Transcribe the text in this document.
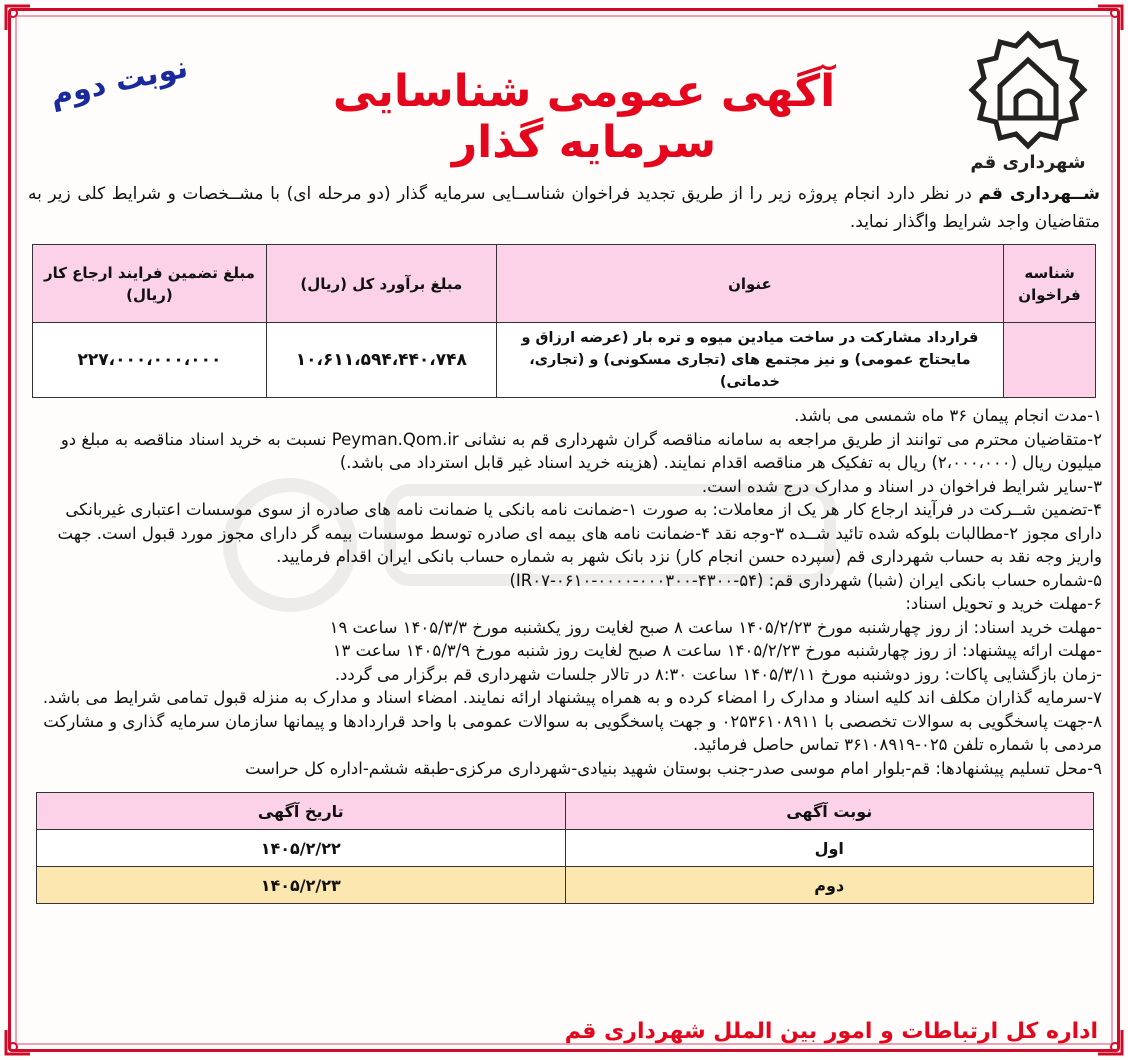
شهرداری قم
آگهی عمومی شناسایی سرمایه گذار
نوبت دوم
شــهرداری قم در نظر دارد انجام پروژه زیر را از طریق تجدید فراخوان شناســایی سرمایه گذار (دو مرحله ای) با مشــخصات و شرایط کلی زیر به متقاضیان واجد شرایط واگذار نماید.
شناسه فراخوان	عنوان	مبلغ برآورد کل (ریال)	مبلغ تضمین فرایند ارجاع کار (ریال)
	قرارداد مشارکت در ساخت میادین میوه و تره بار (عرضه ارزاق و مایحتاج عمومی) و نیز مجتمع های (تجاری مسکونی) و (تجاری، خدماتی)	۱۰،۶۱۱،۵۹۴،۴۴۰،۷۴۸	۲۲۷،۰۰۰،۰۰۰،۰۰۰
۱-مدت انجام پیمان ۳۶ ماه شمسی می باشد.
۲-متقاضیان محترم می توانند از طریق مراجعه به سامانه مناقصه گران شهرداری قم به نشانی Peyman.Qom.ir نسبت به خرید اسناد مناقصه به مبلغ دو میلیون ریال (۲،۰۰۰،۰۰۰) ریال به تفکیک هر مناقصه اقدام نمایند. (هزینه خرید اسناد غیر قابل استرداد می باشد.)
۳-سایر شرایط فراخوان در اسناد و مدارک درج شده است.
۴-تضمین شــرکت در فرآیند ارجاع کار هر یک از معاملات: به صورت ۱-ضمانت نامه بانکی یا ضمانت نامه های صادره از سوی موسسات اعتباری غیربانکی دارای مجوز ۲-مطالبات بلوکه شده تائید شــده ۳-وجه نقد ۴-ضمانت نامه های بیمه ای صادره توسط موسسات بیمه گر دارای مجوز مورد قبول است. جهت واریز وجه نقد به حساب شهرداری قم (سپرده حسن انجام کار) نزد بانک شهر به شماره حساب بانکی ایران اقدام فرمایید.
۵-شماره حساب بانکی ایران (شبا) شهرداری قم: (IR۰۷-۰۶۱۰-۰۰۰۰-۰۰۰۳۰۰-۴۳۰۰-۵۴)
۶-مهلت خرید و تحویل اسناد:
-مهلت خرید اسناد: از روز چهارشنبه مورخ ۱۴۰۵/۲/۲۳ ساعت ۸ صبح لغایت روز یکشنبه مورخ ۱۴۰۵/۳/۳ ساعت ۱۹
-مهلت ارائه پیشنهاد: از روز چهارشنبه مورخ ۱۴۰۵/۲/۲۳ ساعت ۸ صبح لغایت روز شنبه مورخ ۱۴۰۵/۳/۹ ساعت ۱۳
-زمان بازگشایی پاکات: روز دوشنبه مورخ ۱۴۰۵/۳/۱۱ ساعت ۸:۳۰ در تالار جلسات شهرداری قم برگزار می گردد.
۷-سرمایه گذاران مکلف اند کلیه اسناد و مدارک را امضاء کرده و به همراه پیشنهاد ارائه نمایند. امضاء اسناد و مدارک به منزله قبول تمامی شرایط می باشد.
۸-جهت پاسخگویی به سوالات تخصصی با ۰۲۵۳۶۱۰۸۹۱۱ و جهت پاسخگویی به سوالات عمومی با واحد قراردادها و پیمانها سازمان سرمایه گذاری و مشارکت مردمی با شماره تلفن ۰۲۵-۳۶۱۰۸۹۱۹ تماس حاصل فرمائید.
۹-محل تسلیم پیشنهادها: قم-بلوار امام موسی صدر-جنب بوستان شهید بنیادی-شهرداری مرکزی-طبقه ششم-اداره کل حراست
نوبت آگهی	تاریخ آگهی
اول	۱۴۰۵/۲/۲۲
دوم	۱۴۰۵/۲/۲۳
اداره کل ارتباطات و امور بین الملل شهرداری قم
